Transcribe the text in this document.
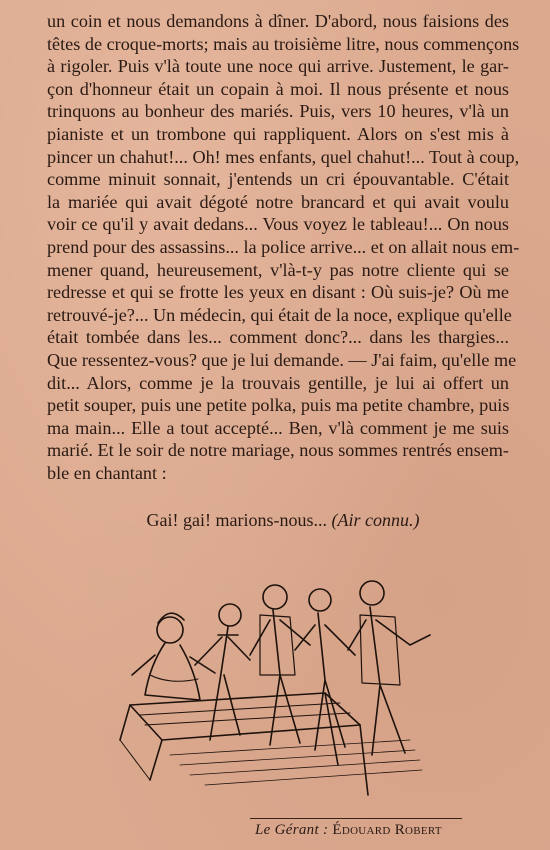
un coin et nous demandons à dîner. D'abord, nous faisions des
têtes de croque-morts; mais au troisième litre, nous commençons
à rigoler. Puis v'là toute une noce qui arrive. Justement, le gar-
çon d'honneur était un copain à moi. Il nous présente et nous
trinquons au bonheur des mariés. Puis, vers 10 heures, v'là un
pianiste et un trombone qui rappliquent. Alors on s'est mis à
pincer un chahut!... Oh! mes enfants, quel chahut!... Tout à coup,
comme minuit sonnait, j'entends un cri épouvantable. C'était
la mariée qui avait dégoté notre brancard et qui avait voulu
voir ce qu'il y avait dedans... Vous voyez le tableau!... On nous
prend pour des assassins... la police arrive... et on allait nous em-
mener quand, heureusement, v'là-t-y pas notre cliente qui se
redresse et qui se frotte les yeux en disant : Où suis-je? Où me
retrouvé-je?... Un médecin, qui était de la noce, explique qu'elle
était tombée dans les... comment donc?... dans les thargies...
Que ressentez-vous? que je lui demande. — J'ai faim, qu'elle me
dit... Alors, comme je la trouvais gentille, je lui ai offert un
petit souper, puis une petite polka, puis ma petite chambre, puis
ma main... Elle a tout accepté... Ben, v'là comment je me suis
marié. Et le soir de notre mariage, nous sommes rentrés ensem-
ble en chantant :
Gai! gai! marions-nous... (Air connu.)
Le Gérant : Édouard Robert
